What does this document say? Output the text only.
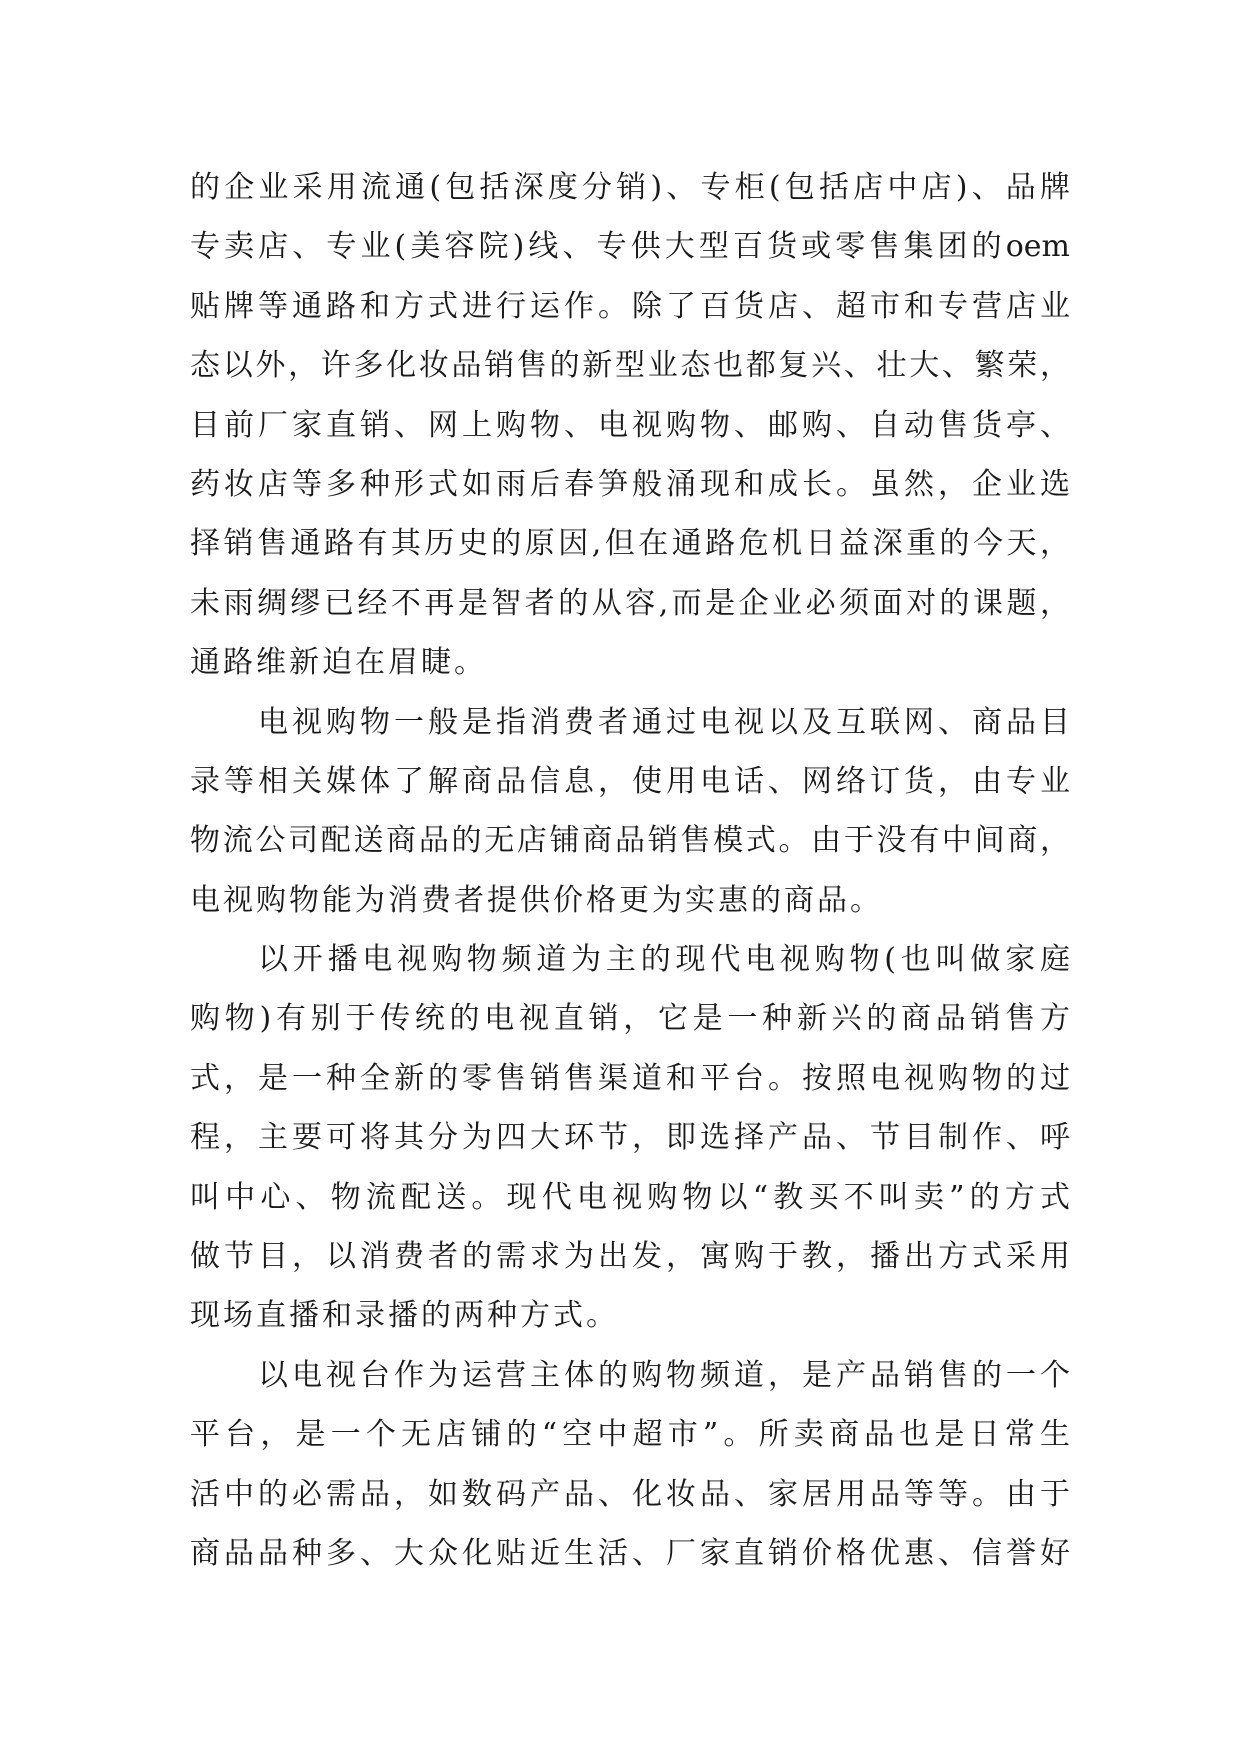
的企业采用流通(包括深度分销)、专柜(包括店中店)、品牌
专卖店、专业(美容院)线、专供大型百货或零售集团的oem
贴牌等通路和方式进行运作。除了百货店、超市和专营店业
态以外，许多化妆品销售的新型业态也都复兴、壮大、繁荣，
目前厂家直销、网上购物、电视购物、邮购、自动售货亭、
药妆店等多种形式如雨后春笋般涌现和成长。虽然，企业选
择销售通路有其历史的原因,但在通路危机日益深重的今天，
未雨绸缪已经不再是智者的从容,而是企业必须面对的课题，
通路维新迫在眉睫。
电视购物一般是指消费者通过电视以及互联网、商品目
录等相关媒体了解商品信息，使用电话、网络订货，由专业
物流公司配送商品的无店铺商品销售模式。由于没有中间商，
电视购物能为消费者提供价格更为实惠的商品。
以开播电视购物频道为主的现代电视购物(也叫做家庭
购物)有别于传统的电视直销，它是一种新兴的商品销售方
式，是一种全新的零售销售渠道和平台。按照电视购物的过
程，主要可将其分为四大环节，即选择产品、节目制作、呼
叫中心、物流配送。现代电视购物以“教买不叫卖”的方式
做节目，以消费者的需求为出发，寓购于教，播出方式采用
现场直播和录播的两种方式。
以电视台作为运营主体的购物频道，是产品销售的一个
平台，是一个无店铺的“空中超市”。所卖商品也是日常生
活中的必需品，如数码产品、化妆品、家居用品等等。由于
商品品种多、大众化贴近生活、厂家直销价格优惠、信誉好
